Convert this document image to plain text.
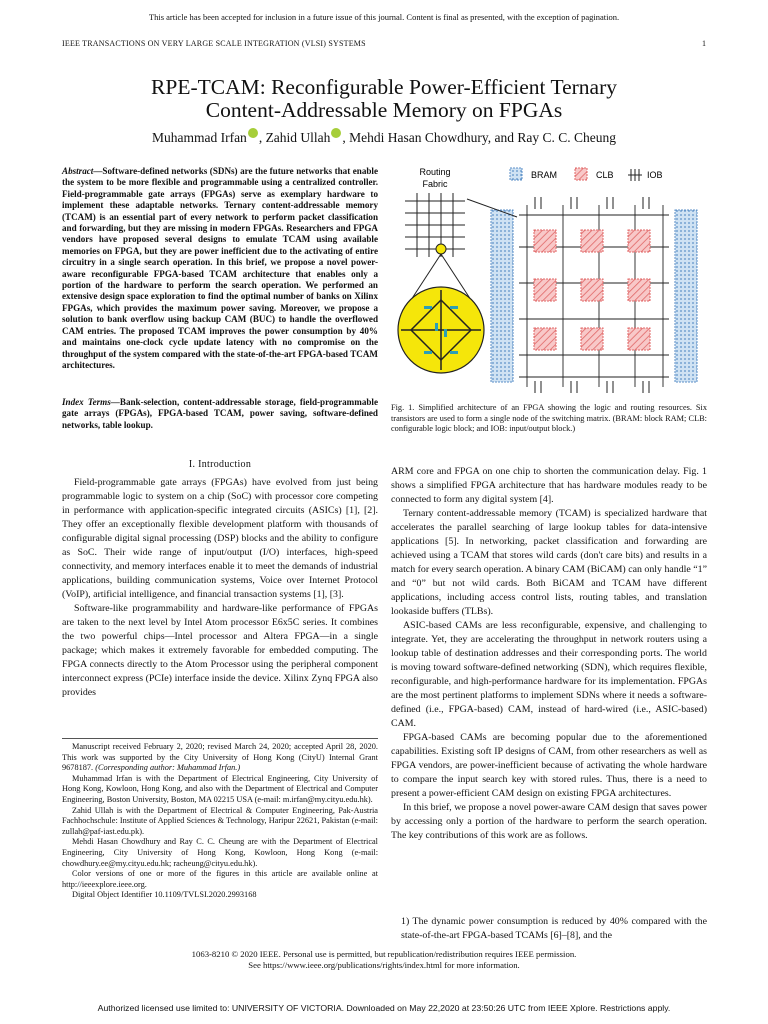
This article has been accepted for inclusion in a future issue of this journal. Content is final as presented, with the exception of pagination.
IEEE TRANSACTIONS ON VERY LARGE SCALE INTEGRATION (VLSI) SYSTEMS	1
RPE-TCAM: Reconfigurable Power-Efficient Ternary
Content-Addressable Memory on FPGAs
Muhammad Irfan , Zahid Ullah , Mehdi Hasan Chowdhury, and Ray C. C. Cheung
Abstract—Software-defined networks (SDNs) are the future networks that enable the system to be more flexible and programmable using a centralized controller. Field-programmable gate arrays (FPGAs) serve as exemplary hardware to implement these adaptable networks. Ternary content-addressable memory (TCAM) is an essential part of every network to perform packet classification and forwarding, but they are missing in modern FPGAs. Researchers and FPGA vendors have proposed several designs to emulate TCAM using available memories on FPGA, but they are power inefficient due to the activating of entire circuitry in a single search operation. In this brief, we propose a novel power-aware reconfigurable FPGA-based TCAM architecture that enables only a portion of the hardware to perform the search operation. We performed an extensive design space exploration to find the optimal number of banks on Xilinx FPGAs, which provides the maximum power saving. Moreover, we propose a solution to bank overflow using backup CAM (BUC) to handle the overflowed CAM entries. The proposed TCAM improves the power consumption by 40% and maintains one-clock cycle update latency with no compromise on the throughput of the system compared with the state-of-the-art FPGA-based TCAM architectures.
Index Terms—Bank-selection, content-addressable storage, field-programmable gate arrays (FPGAs), FPGA-based TCAM, power saving, software-defined networks, table lookup.
I. Introduction

Field-programmable gate arrays (FPGAs) have evolved from just being programmable logic to system on a chip (SoC) with processor core competing in performance with application-specific integrated circuits (ASICs) [1], [2]. They offer an exceptionally flexible development platform with thousands of configurable digital signal processing (DSP) blocks and the ability to configure as SoC. Their wide range of input/output (I/O) interfaces, high-speed connectivity, and memory interfaces enable it to meet the demands of industrial applications, building communication systems, Voice over Internet Protocol (VoIP), artificial intelligence, and financial transaction systems [1], [3].

Software-like programmability and hardware-like performance of FPGAs are taken to the next level by Intel Atom processor E6x5C series. It combines the two powerful chips—Intel processor and Altera FPGA—in a single package; which makes it extremely favorable for embedded computing. The FPGA connects directly to the Atom Processor using the peripheral component interconnect express (PCIe) interface inside the device. Xilinx Zynq FPGA also provides

Manuscript received February 2, 2020; revised March 24, 2020; accepted April 28, 2020. This work was supported by the City University of Hong Kong (CityU) Internal Grant 9678187. (Corresponding author: Muhammad Irfan.)

Muhammad Irfan is with the Department of Electrical Engineering, City University of Hong Kong, Kowloon, Hong Kong, and also with the Department of Electrical and Computer Engineering, Boston University, Boston, MA 02215 USA (e-mail: m.irfan@my.cityu.edu.hk).

Zahid Ullah is with the Department of Electrical & Computer Engineering, Pak-Austria Fachhochschule: Institute of Applied Sciences & Technology, Haripur 22621, Pakistan (e-mail: zullah@paf-iast.edu.pk).

Mehdi Hasan Chowdhury and Ray C. C. Cheung are with the Department of Electrical Engineering, City University of Hong Kong, Kowloon, Hong Kong (e-mail: chowdhury.ee@my.cityu.edu.hk; racheung@cityu.edu.hk).

Color versions of one or more of the figures in this article are available online at http://ieeexplore.ieee.org.

Digital Object Identifier 10.1109/TVLSI.2020.2993168

Routing
Fabric
BRAM	CLB	IOB
Fig. 1. Simplified architecture of an FPGA showing the logic and routing resources. Six transistors are used to form a single node of the switching matrix. (BRAM: block RAM; CLB: configurable logic block; and IOB: input/output block.)

ARM core and FPGA on one chip to shorten the communication delay. Fig. 1 shows a simplified FPGA architecture that has hardware modules ready to be connected to form any digital system [4].

Ternary content-addressable memory (TCAM) is specialized hardware that accelerates the parallel searching of large lookup tables for data-intensive applications [5]. In networking, packet classification and forwarding are achieved using a TCAM that stores wild cards (don't care bits) and results in a match for every search operation. A binary CAM (BiCAM) can only handle “1” and “0” but not wild cards. Both BiCAM and TCAM have different applications, including access control lists, routing tables, and translation lookaside buffers (TLBs).

ASIC-based CAMs are less reconfigurable, expensive, and challenging to integrate. Yet, they are accelerating the throughput in network routers using a lookup table of destination addresses and their corresponding ports. The world is moving toward software-defined networking (SDN), which requires flexible, reconfigurable, and high-performance hardware for its implementation. FPGAs are the most pertinent platforms to implement SDNs where it needs a software-defined (i.e., FPGA-based) CAM, instead of hard-wired (i.e., ASIC-based) CAM.

FPGA-based CAMs are becoming popular due to the aforementioned capabilities. Existing soft IP designs of CAM, from other researchers as well as FPGA vendors, are power-inefficient because of activating the whole hardware to compare the input search key with stored rules. Thus, there is a need to present a power-efficient CAM design on existing FPGA architectures.

In this brief, we propose a novel power-aware CAM design that saves power by accessing only a portion of the hardware to perform the search operation. The key contributions of this work are as follows.

1) The dynamic power consumption is reduced by 40% compared with the state-of-the-art FPGA-based TCAMs [6]–[8], and the
1063-8210 © 2020 IEEE. Personal use is permitted, but republication/redistribution requires IEEE permission.
See https://www.ieee.org/publications/rights/index.html for more information.
Authorized licensed use limited to: UNIVERSITY OF VICTORIA. Downloaded on May 22,2020 at 23:50:26 UTC from IEEE Xplore. Restrictions apply.
